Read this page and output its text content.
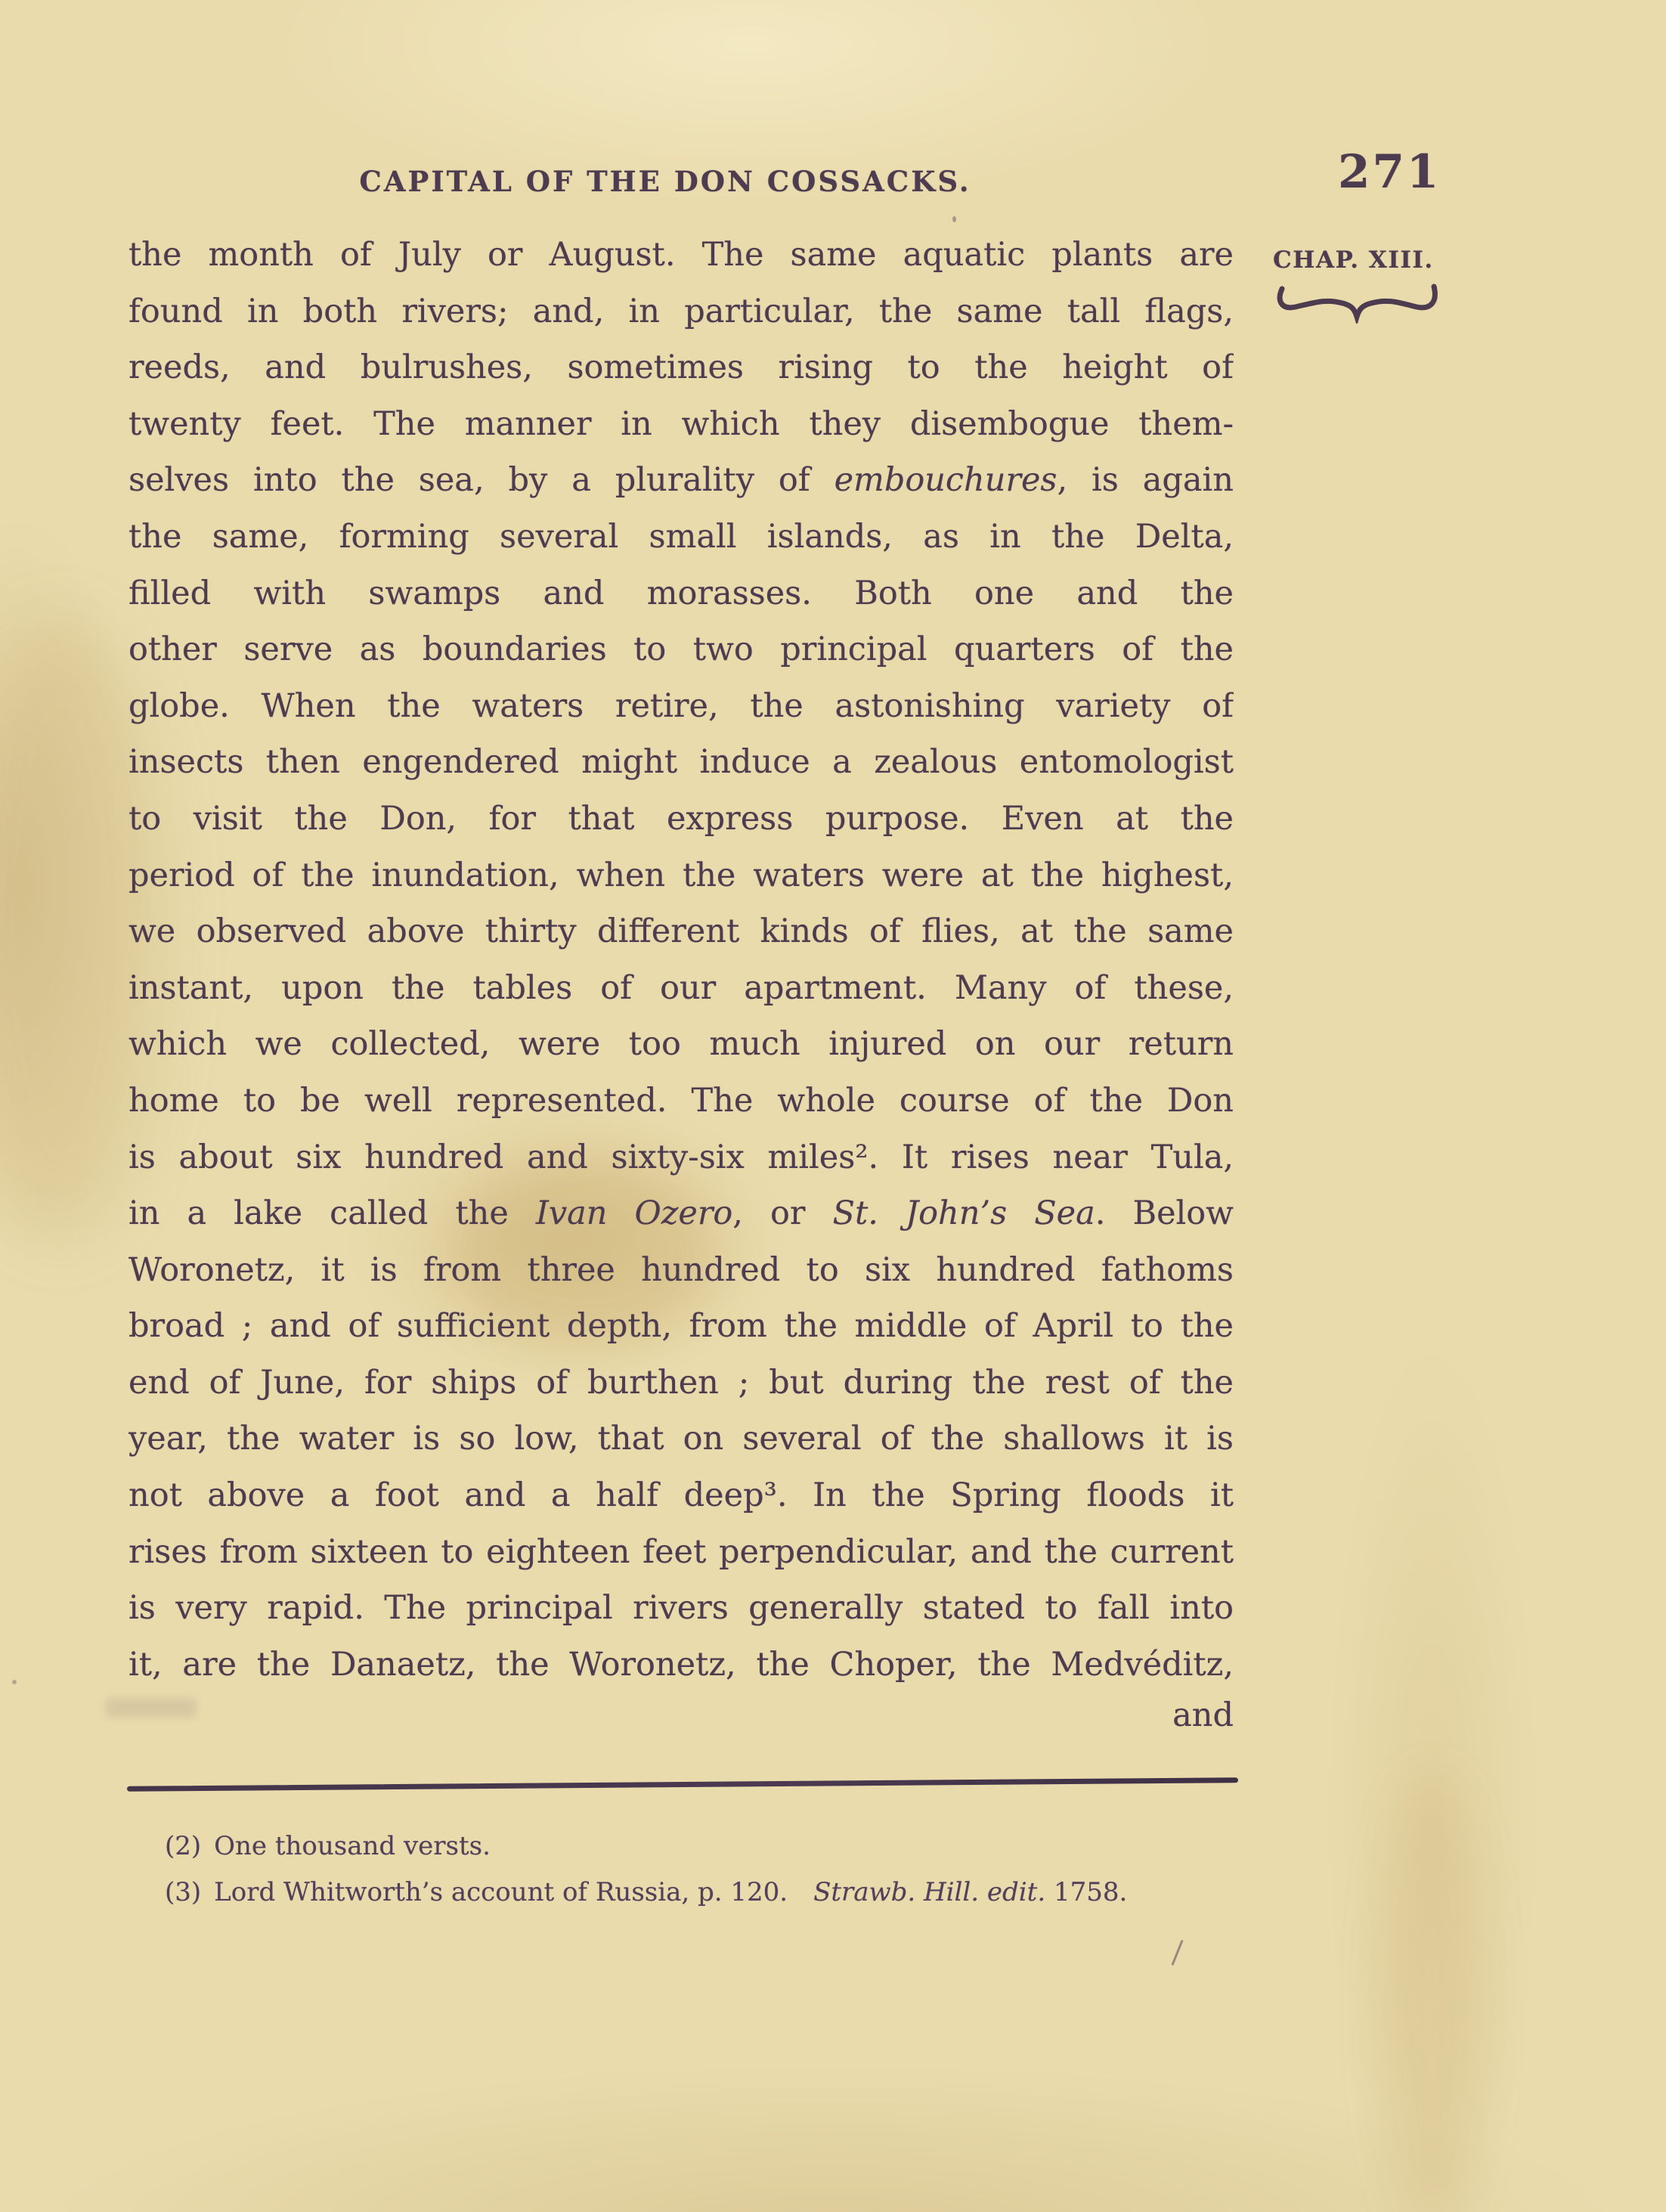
CAPITAL OF THE DON COSSACKS.	271
CHAP. XIII.
the month of July or August. The same aquatic plants are
found in both rivers; and, in particular, the same tall flags,
reeds, and bulrushes, sometimes rising to the height of
twenty feet. The manner in which they disembogue them-
selves into the sea, by a plurality of embouchures, is again
the same, forming several small islands, as in the Delta,
filled with swamps and morasses. Both one and the
other serve as boundaries to two principal quarters of the
globe. When the waters retire, the astonishing variety of
insects then engendered might induce a zealous entomologist
to visit the Don, for that express purpose. Even at the
period of the inundation, when the waters were at the highest,
we observed above thirty different kinds of flies, at the same
instant, upon the tables of our apartment. Many of these,
which we collected, were too much injured on our return
home to be well represented. The whole course of the Don
is about six hundred and sixty-six miles². It rises near Tula,
in a lake called the Ivan Ozero, or St. John’s Sea. Below
Woronetz, it is from three hundred to six hundred fathoms
broad ; and of sufficient depth, from the middle of April to the
end of June, for ships of burthen ; but during the rest of the
year, the water is so low, that on several of the shallows it is
not above a foot and a half deep³. In the Spring floods it
rises from sixteen to eighteen feet perpendicular, and the current
is very rapid. The principal rivers generally stated to fall into
it, are the Danaetz, the Woronetz, the Choper, the Medvéditz,
and
(2) One thousand versts.
(3) Lord Whitworth’s account of Russia, p. 120. Strawb. Hill. edit. 1758.
